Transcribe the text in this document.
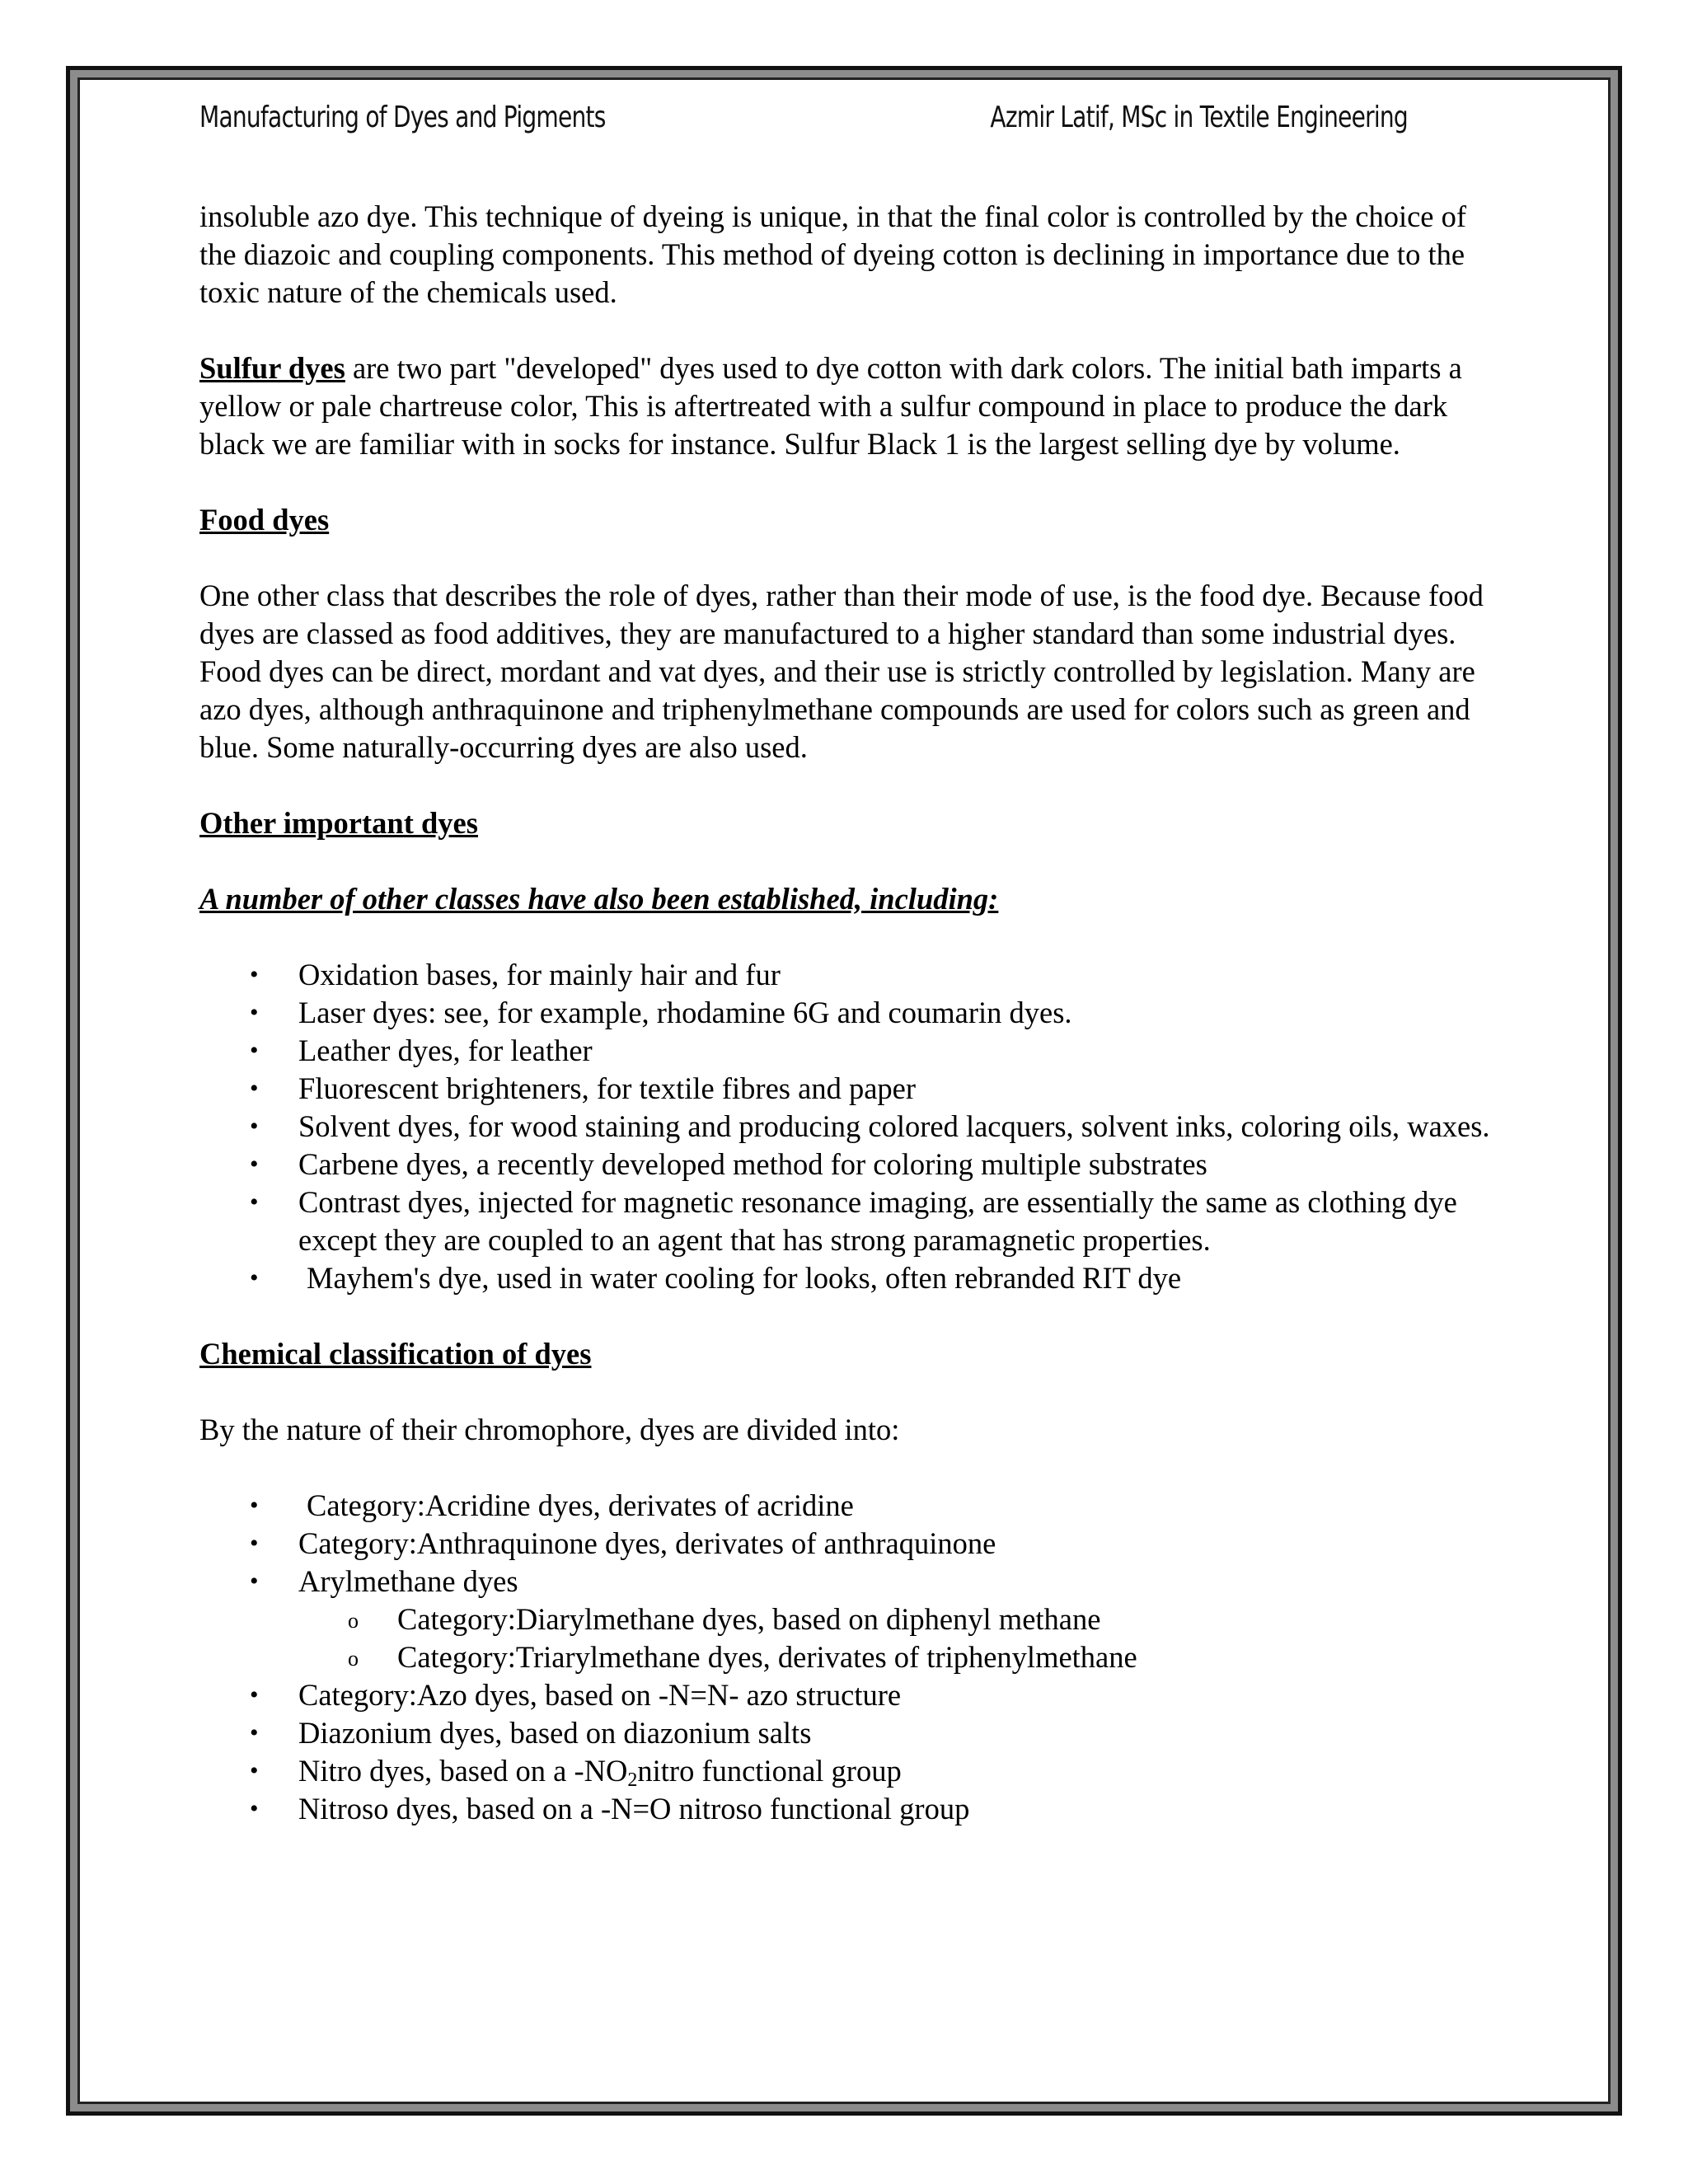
Manufacturing of Dyes and Pigments	Azmir Latif, MSc in Textile Engineering

insoluble azo dye. This technique of dyeing is unique, in that the final color is controlled by the choice of the diazoic and coupling components. This method of dyeing cotton is declining in importance due to the toxic nature of the chemicals used.

Sulfur dyes are two part "developed" dyes used to dye cotton with dark colors. The initial bath imparts a yellow or pale chartreuse color, This is aftertreated with a sulfur compound in place to produce the dark black we are familiar with in socks for instance. Sulfur Black 1 is the largest selling dye by volume.

Food dyes

One other class that describes the role of dyes, rather than their mode of use, is the food dye. Because food dyes are classed as food additives, they are manufactured to a higher standard than some industrial dyes. Food dyes can be direct, mordant and vat dyes, and their use is strictly controlled by legislation. Many are azo dyes, although anthraquinone and triphenylmethane compounds are used for colors such as green and blue. Some naturally-occurring dyes are also used.

Other important dyes

A number of other classes have also been established, including:

• Oxidation bases, for mainly hair and fur
• Laser dyes: see, for example, rhodamine 6G and coumarin dyes.
• Leather dyes, for leather
• Fluorescent brighteners, for textile fibres and paper
• Solvent dyes, for wood staining and producing colored lacquers, solvent inks, coloring oils, waxes.
• Carbene dyes, a recently developed method for coloring multiple substrates
• Contrast dyes, injected for magnetic resonance imaging, are essentially the same as clothing dye except they are coupled to an agent that has strong paramagnetic properties.
• Mayhem's dye, used in water cooling for looks, often rebranded RIT dye

Chemical classification of dyes

By the nature of their chromophore, dyes are divided into:

• Category:Acridine dyes, derivates of acridine
• Category:Anthraquinone dyes, derivates of anthraquinone
• Arylmethane dyes
o Category:Diarylmethane dyes, based on diphenyl methane
o Category:Triarylmethane dyes, derivates of triphenylmethane
• Category:Azo dyes, based on -N=N- azo structure
• Diazonium dyes, based on diazonium salts
• Nitro dyes, based on a $-NO_2nitro$ functional group
• Nitroso dyes, based on a -N=O nitroso functional group
